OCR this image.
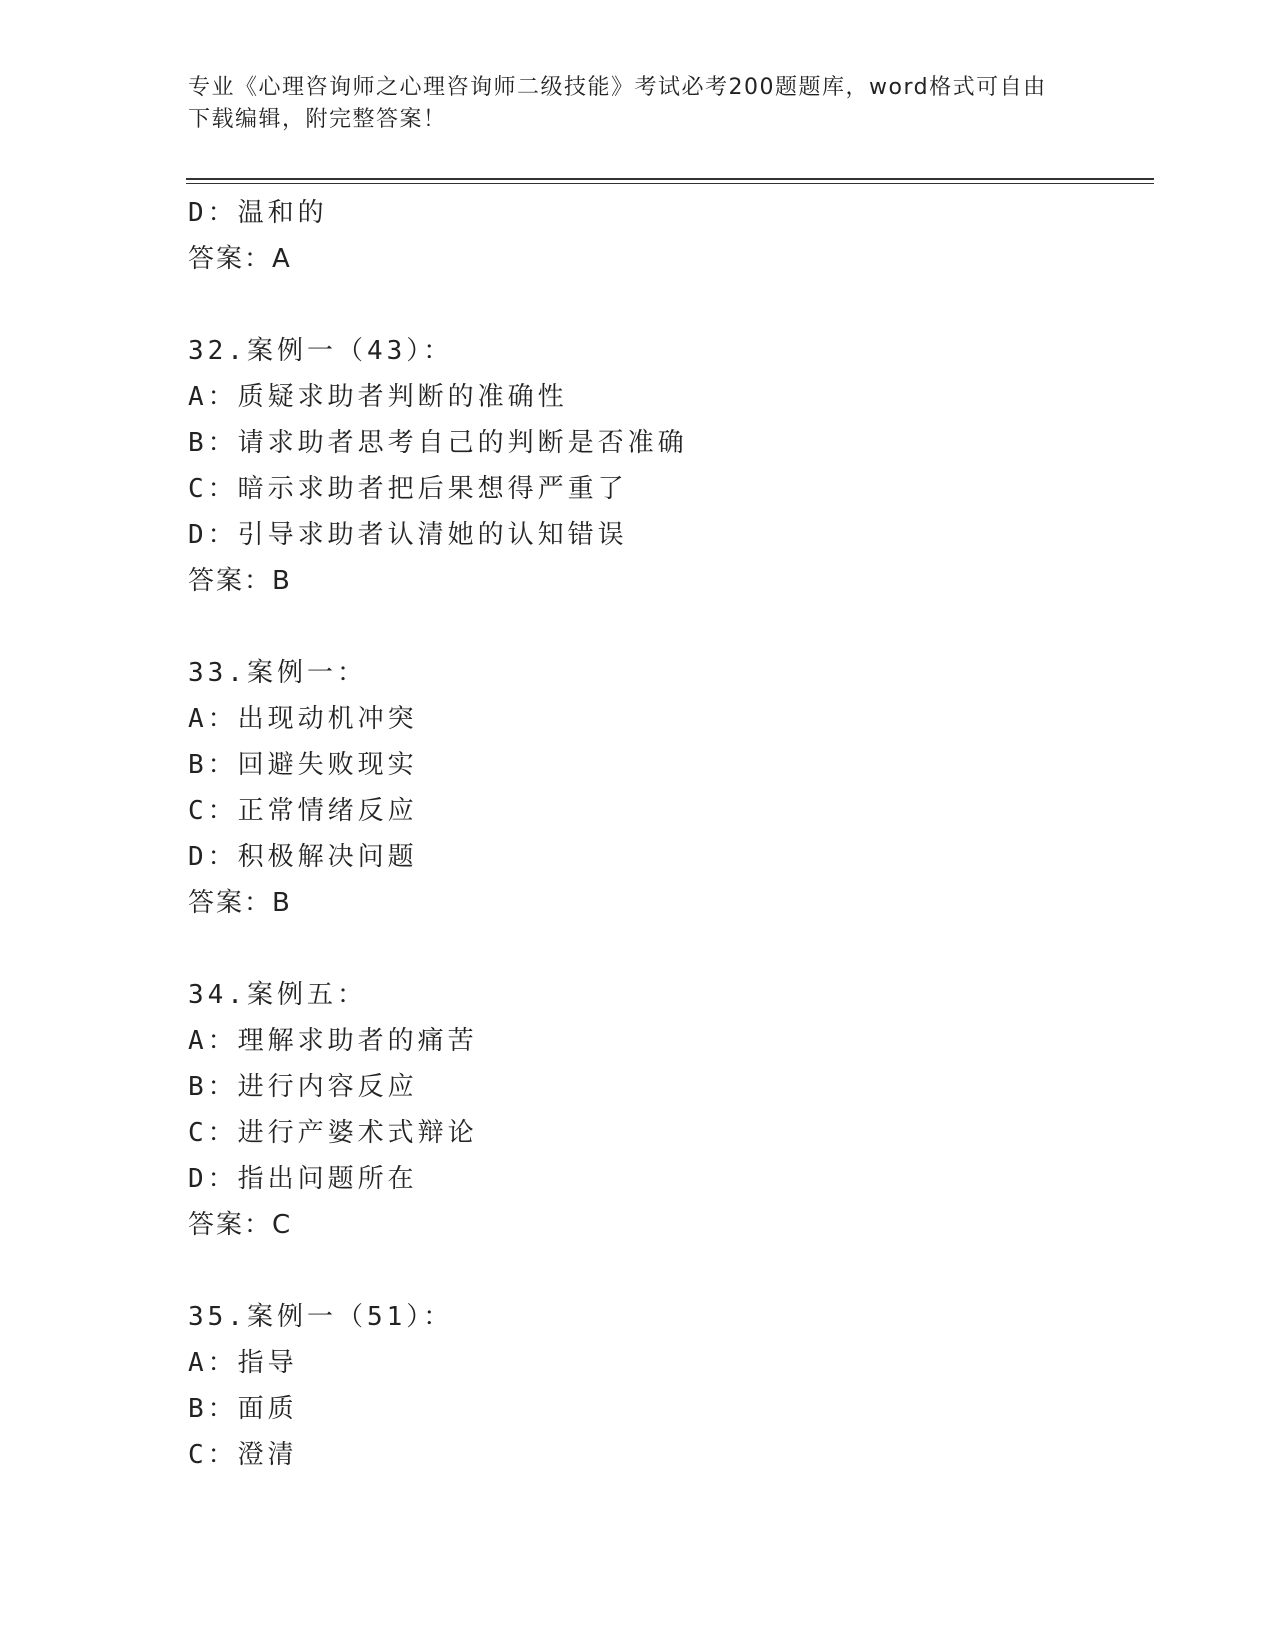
专业《心理咨询师之心理咨询师二级技能》考试必考200题题库，word格式可自由下载编辑，附完整答案！
D：温和的
答案：A
32.案例一（43）：
A：质疑求助者判断的准确性
B：请求助者思考自己的判断是否准确
C：暗示求助者把后果想得严重了
D：引导求助者认清她的认知错误
答案：B
33.案例一：
A：出现动机冲突
B：回避失败现实
C：正常情绪反应
D：积极解决问题
答案：B
34.案例五：
A：理解求助者的痛苦
B：进行内容反应
C：进行产婆术式辩论
D：指出问题所在
答案：C
35.案例一（51）：
A：指导
B：面质
C：澄清
